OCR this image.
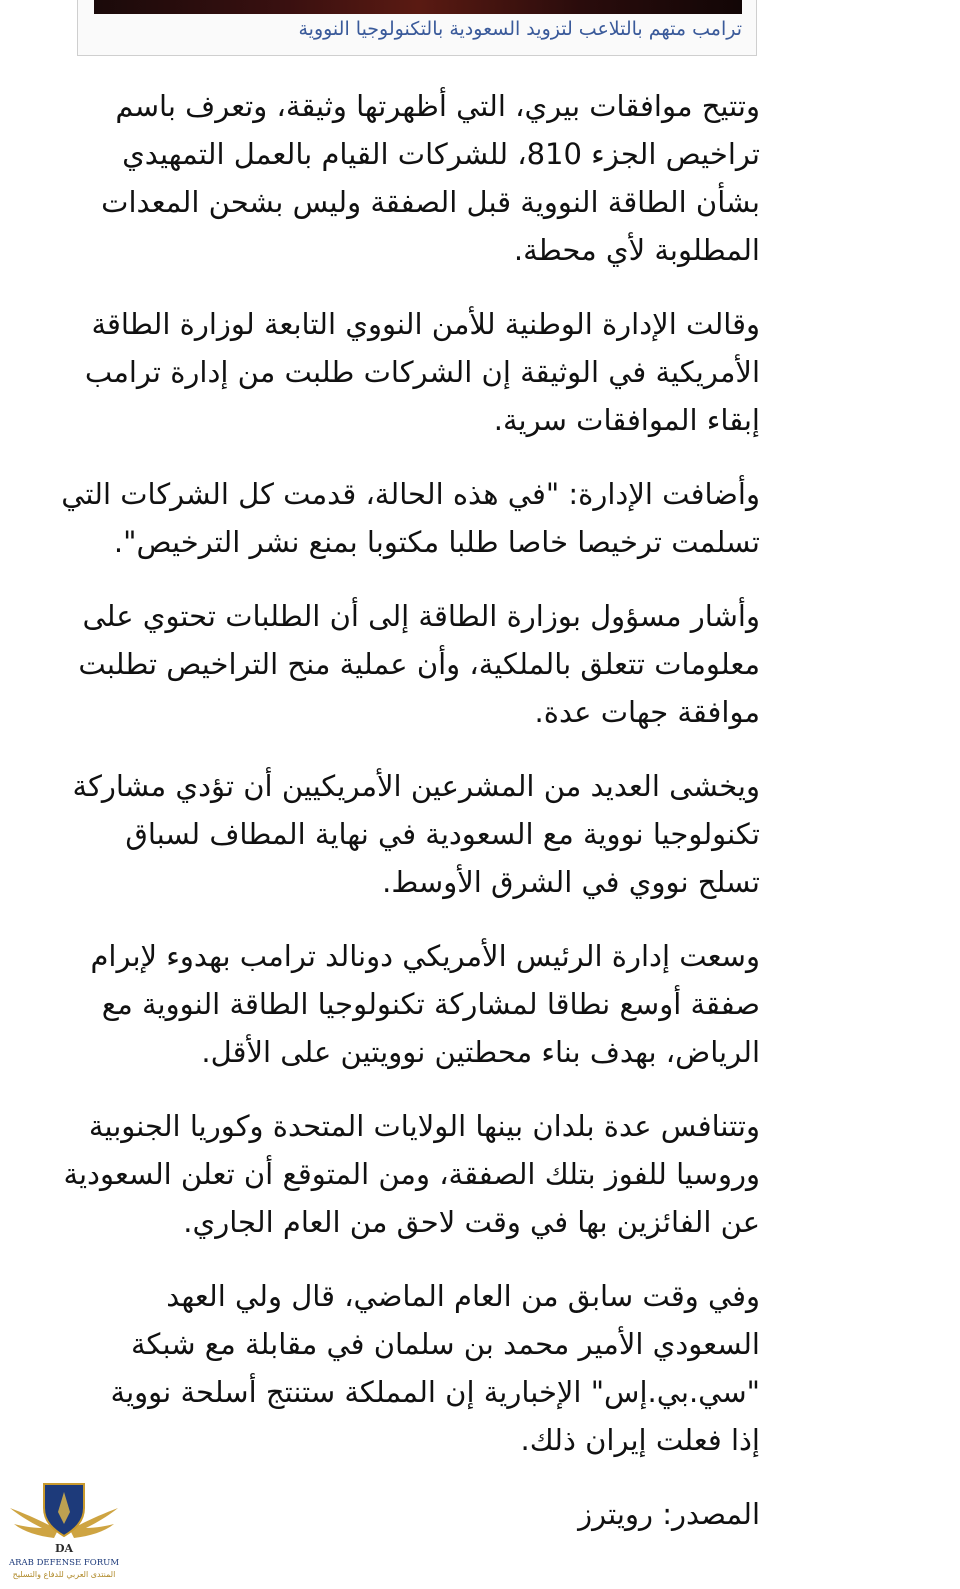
ترامب متهم بالتلاعب لتزويد السعودية بالتكنولوجيا النووية

وتتيح موافقات بيري، التي أظهرتها وثيقة، وتعرف باسم
تراخيص الجزء 810، للشركات القيام بالعمل التمهيدي
بشأن الطاقة النووية قبل الصفقة وليس بشحن المعدات
المطلوبة لأي محطة.

وقالت الإدارة الوطنية للأمن النووي التابعة لوزارة الطاقة
الأمريكية في الوثيقة إن الشركات طلبت من إدارة ترامب
إبقاء الموافقات سرية.

وأضافت الإدارة: "في هذه الحالة، قدمت كل الشركات التي
تسلمت ترخيصا خاصا طلبا مكتوبا بمنع نشر الترخيص".

وأشار مسؤول بوزارة الطاقة إلى أن الطلبات تحتوي على
معلومات تتعلق بالملكية، وأن عملية منح التراخيص تطلبت
موافقة جهات عدة.

ويخشى العديد من المشرعين الأمريكيين أن تؤدي مشاركة
تكنولوجيا نووية مع السعودية في نهاية المطاف لسباق
تسلح نووي في الشرق الأوسط.

وسعت إدارة الرئيس الأمريكي دونالد ترامب بهدوء لإبرام
صفقة أوسع نطاقا لمشاركة تكنولوجيا الطاقة النووية مع
الرياض، بهدف بناء محطتين نوويتين على الأقل.

وتتنافس عدة بلدان بينها الولايات المتحدة وكوريا الجنوبية
وروسيا للفوز بتلك الصفقة، ومن المتوقع أن تعلن السعودية
عن الفائزين بها في وقت لاحق من العام الجاري.

وفي وقت سابق من العام الماضي، قال ولي العهد
السعودي الأمير محمد بن سلمان في مقابلة مع شبكة
"سي.بي.إس" الإخبارية إن المملكة ستنتج أسلحة نووية
إذا فعلت إيران ذلك.

المصدر: رويترز

DA
ARAB DEFENSE FORUM
المنتدى العربي للدفاع والتسليح
